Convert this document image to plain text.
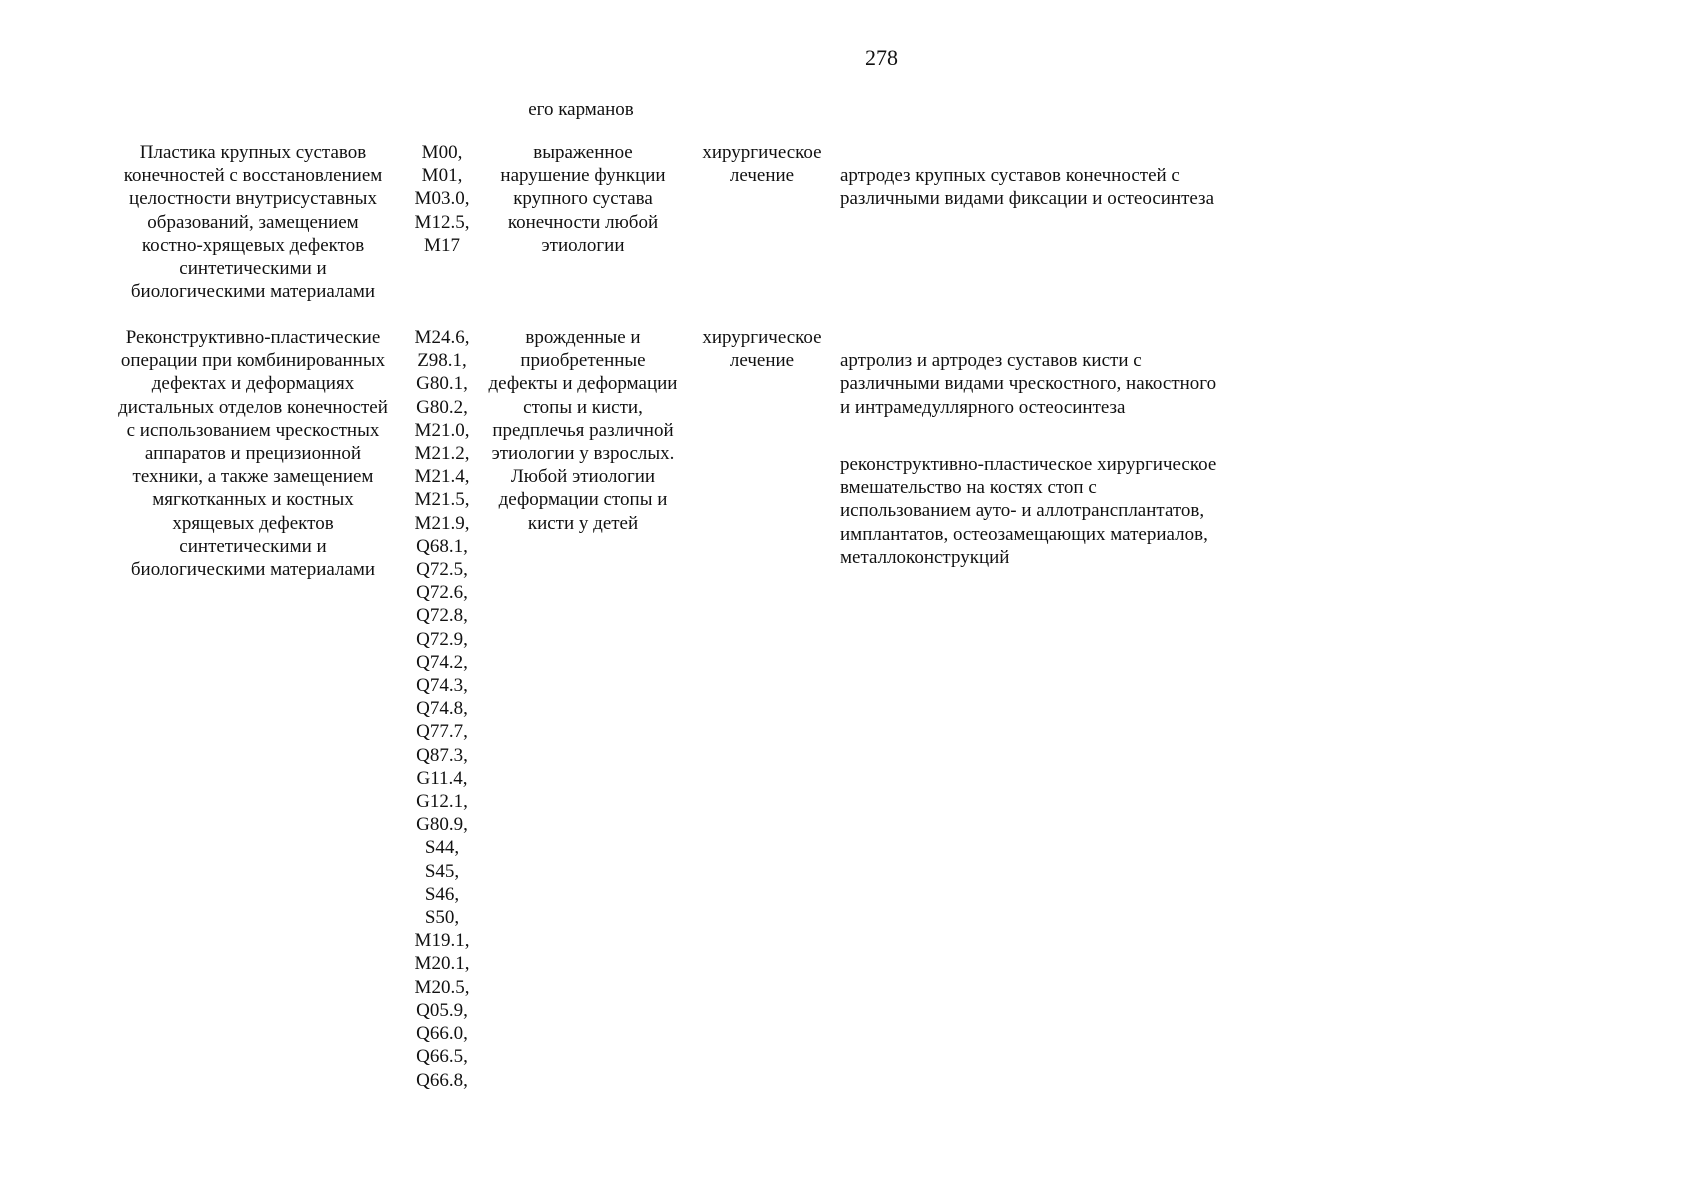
278
его карманов
Пластика крупных суставов
конечностей с восстановлением
целостности внутрисуставных
образований, замещением
костно-хрящевых дефектов
синтетическими и
биологическими материалами
M00,
M01,
M03.0,
M12.5,
M17
выраженное
нарушение функции
крупного сустава
конечности любой
этиологии
хирургическое
лечение	артродез крупных суставов конечностей с
различными видами фиксации и остеосинтеза

Реконструктивно-пластические
операции при комбинированных
дефектах и деформациях
дистальных отделов конечностей
с использованием чрескостных
аппаратов и прецизионной
техники, а также замещением
мягкотканных и костных
хрящевых дефектов
синтетическими и
биологическими материалами
M24.6,
Z98.1,
G80.1,
G80.2,
M21.0,
M21.2,
M21.4,
M21.5,
M21.9,
Q68.1,
Q72.5,
Q72.6,
Q72.8,
Q72.9,
Q74.2,
Q74.3,
Q74.8,
Q77.7,
Q87.3,
G11.4,
G12.1,
G80.9,
S44,
S45,
S46,
S50,
M19.1,
M20.1,
M20.5,
Q05.9,
Q66.0,
Q66.5,
Q66.8,
врожденные и
приобретенные
дефекты и деформации
стопы и кисти,
предплечья различной
этиологии у взрослых.
Любой этиологии
деформации стопы и
кисти у детей
хирургическое
лечение	артролиз и артродез суставов кисти с
различными видами чрескостного, накостного
и интрамедуллярного остеосинтеза

реконструктивно-пластическое хирургическое
вмешательство на костях стоп с
использованием ауто- и аллотрансплантатов,
имплантатов, остеозамещающих материалов,
металлоконструкций
